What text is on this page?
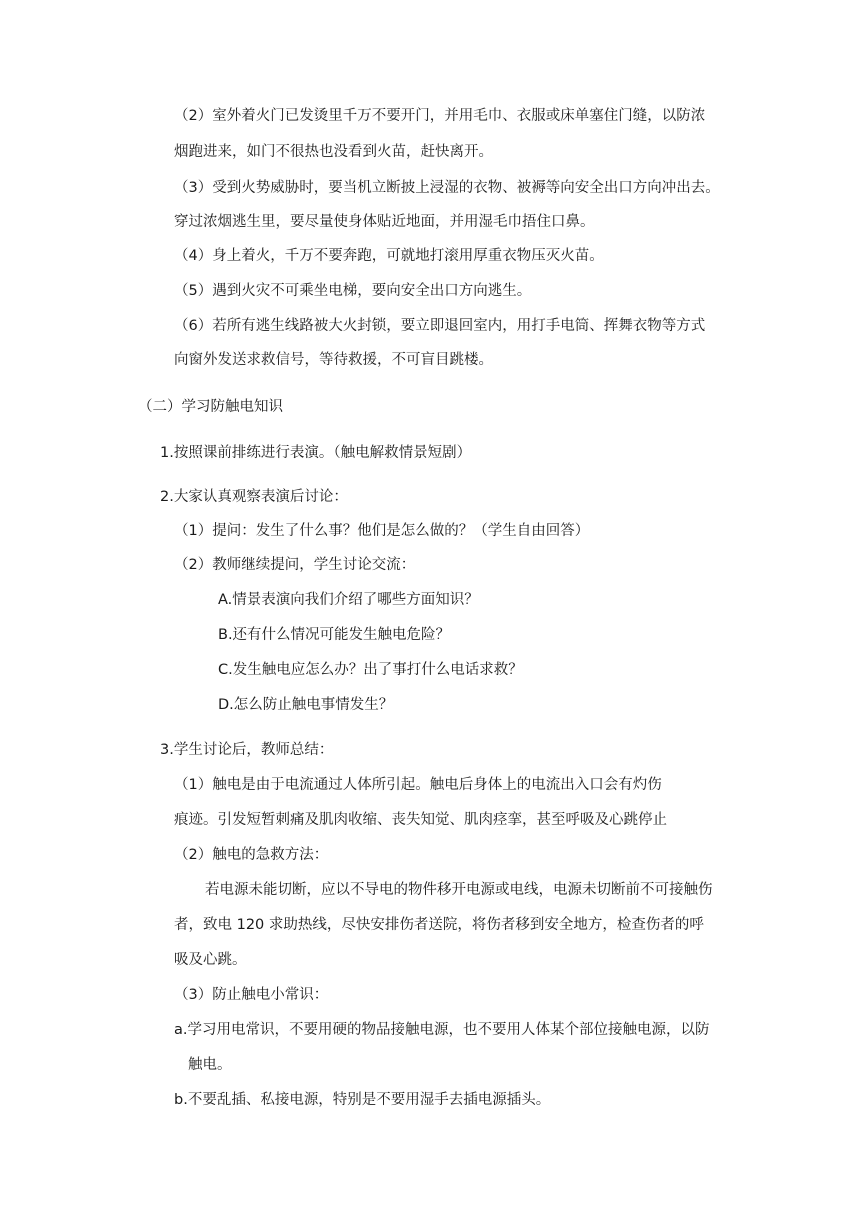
（2）室外着火门已发烫里千万不要开门，并用毛巾、衣服或床单塞住门缝，以防浓
烟跑进来，如门不很热也没看到火苗，赶快离开。
（3）受到火势威胁时，要当机立断披上浸湿的衣物、被褥等向安全出口方向冲出去。
穿过浓烟逃生里，要尽量使身体贴近地面，并用湿毛巾捂住口鼻。
（4）身上着火，千万不要奔跑，可就地打滚用厚重衣物压灭火苗。
（5）遇到火灾不可乘坐电梯，要向安全出口方向逃生。
（6）若所有逃生线路被大火封锁，要立即退回室内，用打手电筒、挥舞衣物等方式
向窗外发送求救信号，等待救援，不可盲目跳楼。
（二）学习防触电知识
1.按照课前排练进行表演。（触电解救情景短剧）
2.大家认真观察表演后讨论：
（1）提问：发生了什么事？他们是怎么做的？（学生自由回答）
（2）教师继续提问，学生讨论交流：
A.情景表演向我们介绍了哪些方面知识？
B.还有什么情况可能发生触电危险？
C.发生触电应怎么办？出了事打什么电话求救？
D.怎么防止触电事情发生？
3.学生讨论后，教师总结：
（1）触电是由于电流通过人体所引起。触电后身体上的电流出入口会有灼伤
痕迹。引发短暂刺痛及肌肉收缩、丧失知觉、肌肉痉挛，甚至呼吸及心跳停止
（2）触电的急救方法：
若电源未能切断，应以不导电的物件移开电源或电线，电源未切断前不可接触伤
者，致电 120 求助热线，尽快安排伤者送院，将伤者移到安全地方，检查伤者的呼
吸及心跳。
（3）防止触电小常识：
a.学习用电常识，不要用硬的物品接触电源，也不要用人体某个部位接触电源，以防
触电。
b.不要乱插、私接电源，特别是不要用湿手去插电源插头。
